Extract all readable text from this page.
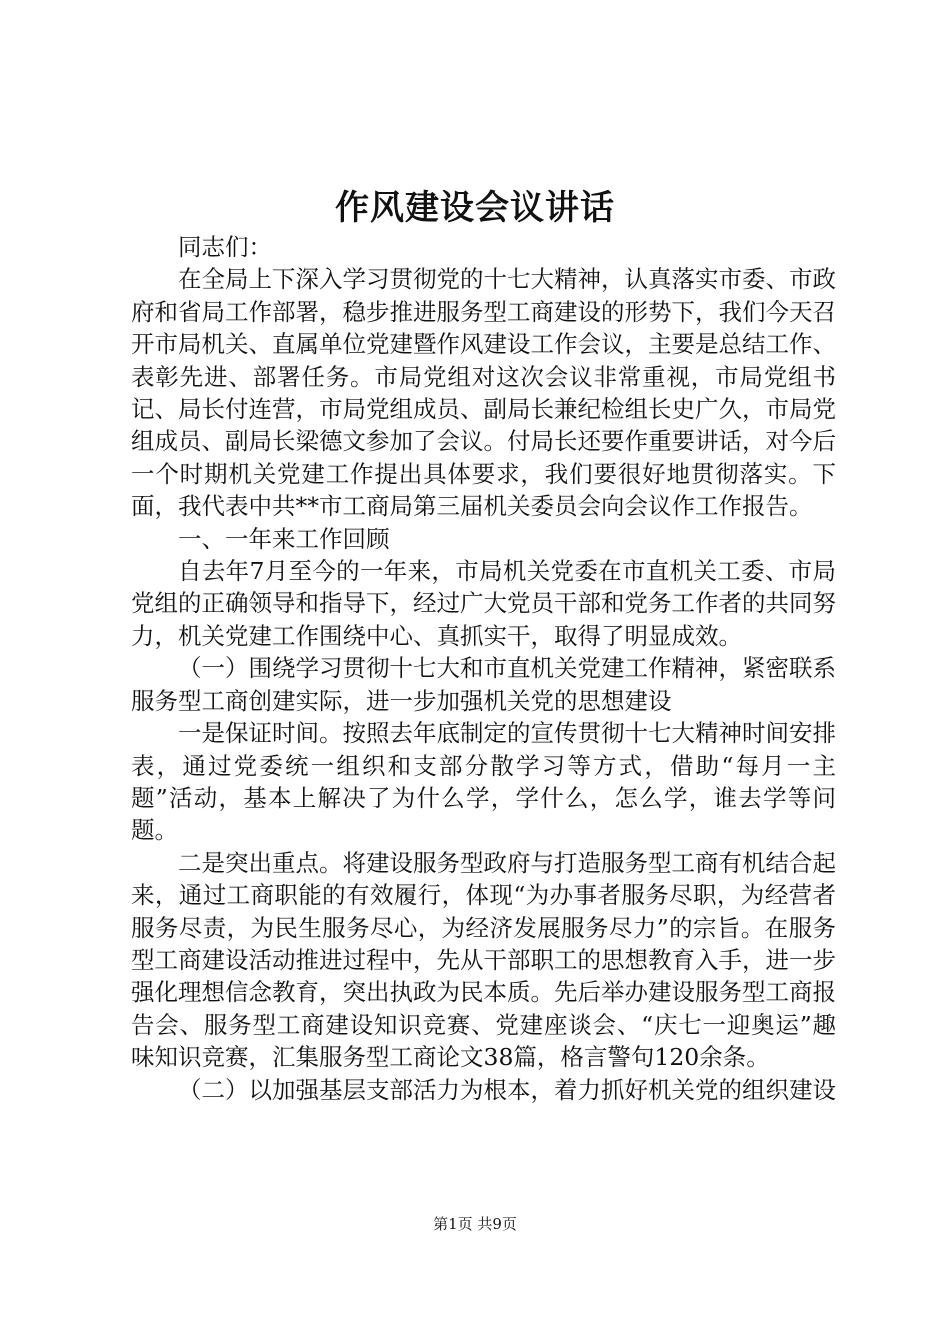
作风建设会议讲话

同志们：

在全局上下深入学习贯彻党的十七大精神，认真落实市委、市政府和省局工作部署，稳步推进服务型工商建设的形势下，我们今天召开市局机关、直属单位党建暨作风建设工作会议，主要是总结工作、表彰先进、部署任务。市局党组对这次会议非常重视，市局党组书记、局长付连营，市局党组成员、副局长兼纪检组长史广久，市局党组成员、副局长梁德文参加了会议。付局长还要作重要讲话，对今后一个时期机关党建工作提出具体要求，我们要很好地贯彻落实。下面，我代表中共**市工商局第三届机关委员会向会议作工作报告。

一、一年来工作回顾

自去年7月至今的一年来，市局机关党委在市直机关工委、市局党组的正确领导和指导下，经过广大党员干部和党务工作者的共同努力，机关党建工作围绕中心、真抓实干，取得了明显成效。

（一）围绕学习贯彻十七大和市直机关党建工作精神，紧密联系服务型工商创建实际，进一步加强机关党的思想建设

一是保证时间。按照去年底制定的宣传贯彻十七大精神时间安排表，通过党委统一组织和支部分散学习等方式，借助“每月一主题”活动，基本上解决了为什么学，学什么，怎么学，谁去学等问题。

二是突出重点。将建设服务型政府与打造服务型工商有机结合起来，通过工商职能的有效履行，体现“为办事者服务尽职，为经营者服务尽责，为民生服务尽心，为经济发展服务尽力”的宗旨。在服务型工商建设活动推进过程中，先从干部职工的思想教育入手，进一步强化理想信念教育，突出执政为民本质。先后举办建设服务型工商报告会、服务型工商建设知识竞赛、党建座谈会、“庆七一迎奥运”趣味知识竞赛，汇集服务型工商论文38篇，格言警句120余条。

（二）以加强基层支部活力为根本，着力抓好机关党的组织建设

第1页 共9页
